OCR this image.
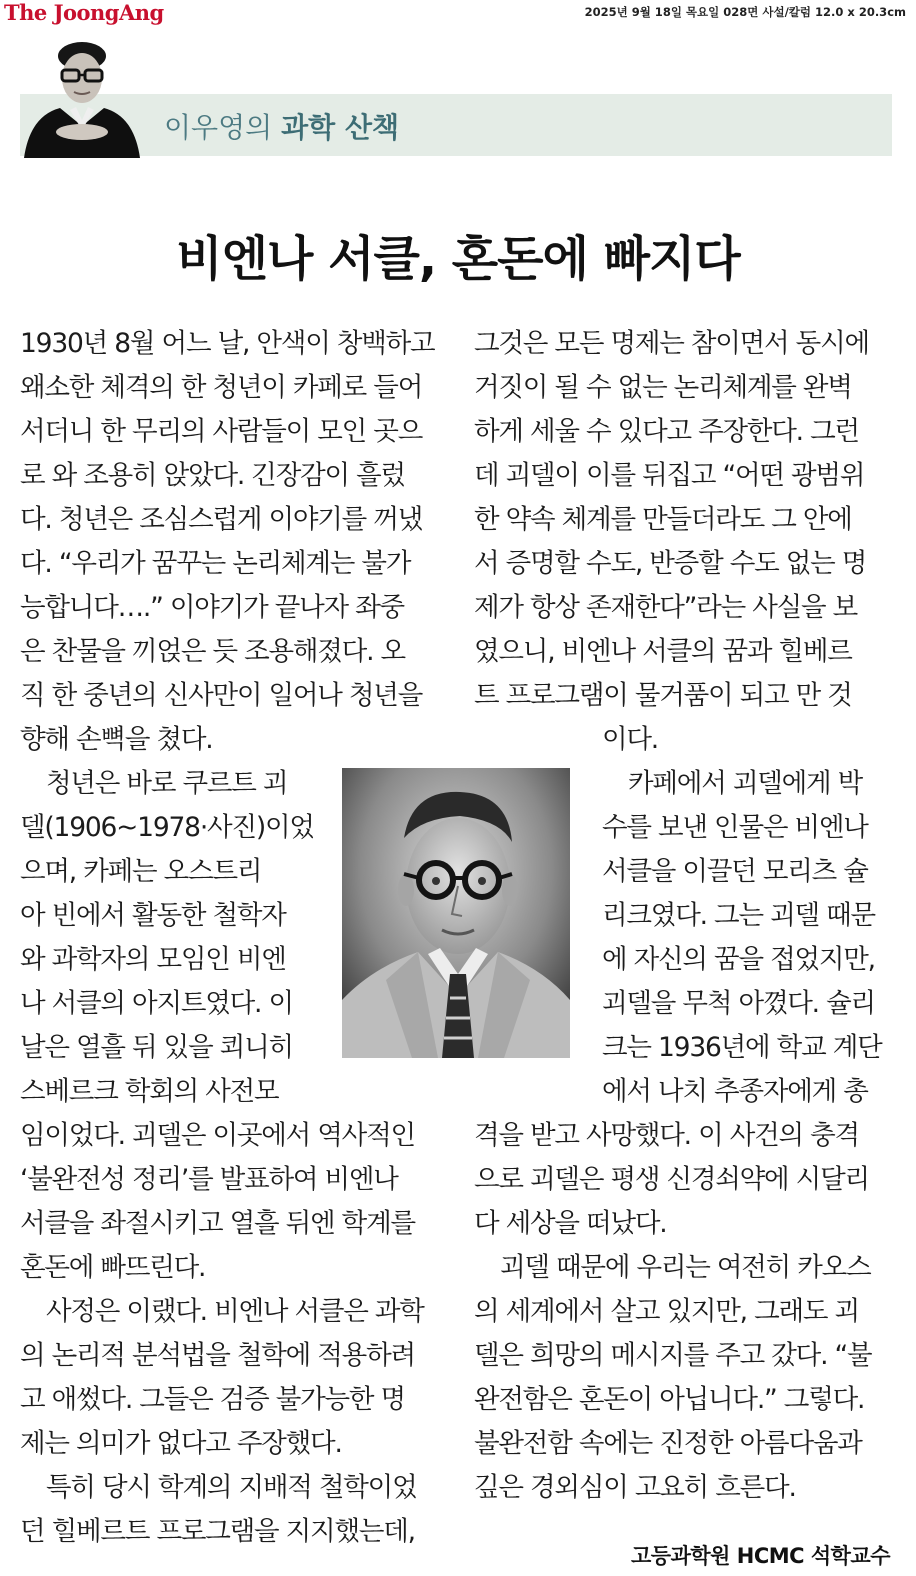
The JoongAng	2025년 9월 18일 목요일 028면 사설/칼럼 12.0 x 20.3cm
이우영의 과학 산책
비엔나 서클, 혼돈에 빠지다
1930년 8월 어느 날, 안색이 창백하고
왜소한 체격의 한 청년이 카페로 들어
서더니 한 무리의 사람들이 모인 곳으
로 와 조용히 앉았다. 긴장감이 흘렀
다. 청년은 조심스럽게 이야기를 꺼냈
다. “우리가 꿈꾸는 논리체계는 불가
능합니다….” 이야기가 끝나자 좌중
은 찬물을 끼얹은 듯 조용해졌다. 오
직 한 중년의 신사만이 일어나 청년을
향해 손뼉을 쳤다.
청년은 바로 쿠르트 괴
델(1906~1978·사진)이었
으며, 카페는 오스트리
아 빈에서 활동한 철학자
와 과학자의 모임인 비엔
나 서클의 아지트였다. 이
날은 열흘 뒤 있을 쾨니히
스베르크 학회의 사전모
임이었다. 괴델은 이곳에서 역사적인
‘불완전성 정리’를 발표하여 비엔나
서클을 좌절시키고 열흘 뒤엔 학계를
혼돈에 빠뜨린다.
사정은 이랬다. 비엔나 서클은 과학
의 논리적 분석법을 철학에 적용하려
고 애썼다. 그들은 검증 불가능한 명
제는 의미가 없다고 주장했다.
특히 당시 학계의 지배적 철학이었
던 힐베르트 프로그램을 지지했는데,
그것은 모든 명제는 참이면서 동시에
거짓이 될 수 없는 논리체계를 완벽
하게 세울 수 있다고 주장한다. 그런
데 괴델이 이를 뒤집고 “어떤 광범위
한 약속 체계를 만들더라도 그 안에
서 증명할 수도, 반증할 수도 없는 명
제가 항상 존재한다”라는 사실을 보
였으니, 비엔나 서클의 꿈과 힐베르
트 프로그램이 물거품이 되고 만 것
이다.
카페에서 괴델에게 박
수를 보낸 인물은 비엔나
서클을 이끌던 모리츠 슐
리크였다. 그는 괴델 때문
에 자신의 꿈을 접었지만,
괴델을 무척 아꼈다. 슐리
크는 1936년에 학교 계단
에서 나치 추종자에게 총
격을 받고 사망했다. 이 사건의 충격
으로 괴델은 평생 신경쇠약에 시달리
다 세상을 떠났다.
괴델 때문에 우리는 여전히 카오스
의 세계에서 살고 있지만, 그래도 괴
델은 희망의 메시지를 주고 갔다. “불
완전함은 혼돈이 아닙니다.” 그렇다.
불완전함 속에는 진정한 아름다움과
깊은 경외심이 고요히 흐른다.
고등과학원 HCMC 석학교수
